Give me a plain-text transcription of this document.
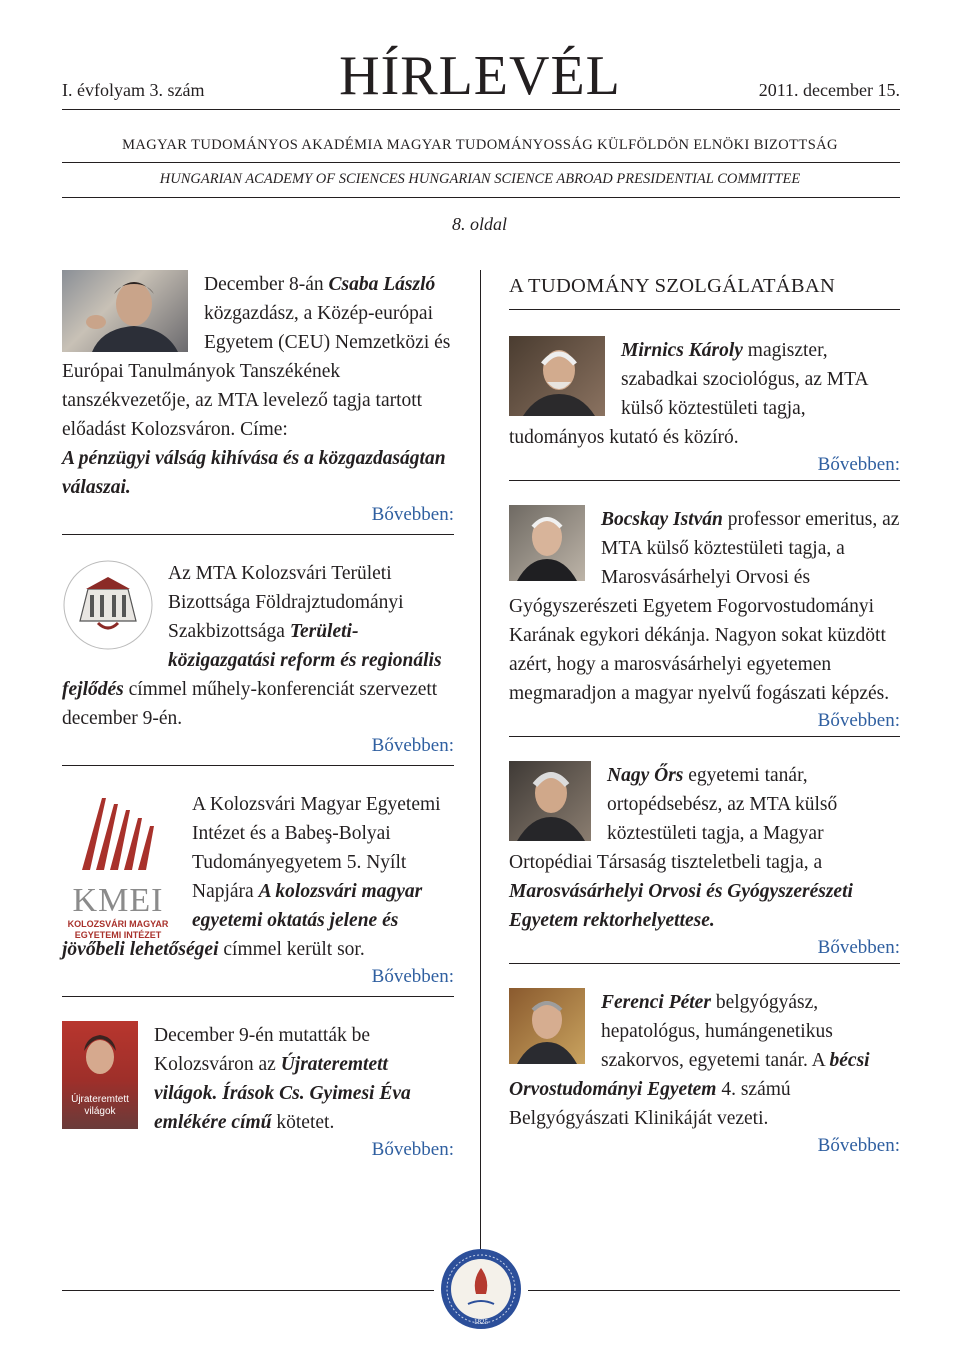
I. évfolyam 3. szám	HÍRLEVÉL	2011. december 15.
MAGYAR TUDOMÁNYOS AKADÉMIA MAGYAR TUDOMÁNYOSSÁG KÜLFÖLDÖN ELNÖKI BIZOTTSÁG
HUNGARIAN ACADEMY OF SCIENCES HUNGARIAN SCIENCE ABROAD PRESIDENTIAL COMMITTEE
8. oldal
December 8-án Csaba László közgazdász, a Közép-európai Egyetem (CEU) Nemzetközi és Európai Tanulmányok Tanszékének tanszékvezetője, az MTA levelező tagja tartott előadást Kolozsváron. Címe:
A pénzügyi válság kihívása és a közgazdaságtan válaszai.
Bővebben:
Az MTA Kolozsvári Területi Bizottsága Földrajztudományi Szakbizottsága Területi-közigazgatási reform és regionális fejlődés címmel műhely-konferenciát szervezett december 9-én.
Bővebben:
KMEI
KOLOZSVÁRI MAGYAR
EGYETEMI INTÉZET
A Kolozsvári Magyar Egyetemi Intézet és a Babeş-Bolyai Tudományegyetem 5. Nyílt Napjára A kolozsvári magyar egyetemi oktatás jelene és jövőbeli lehetőségei címmel került sor.
Bővebben:
Újrateremtett
világok
December 9-én mutatták be Kolozsváron az Újrateremtett világok. Írások Cs. Gyimesi Éva emlékére című kötetet.
Bővebben:
A TUDOMÁNY SZOLGÁLATÁBAN
Mirnics Károly magiszter, szabadkai szociológus, az MTA külső köztestületi tagja, tudományos kutató és közíró.
Bővebben:
Bocskay István professor emeritus, az MTA külső köztestületi tagja, a Marosvásárhelyi Orvosi és Gyógyszerészeti Egyetem Fogorvostudományi Karának egykori dékánja. Nagyon sokat küzdött azért, hogy a marosvásárhelyi egyetemen megmaradjon a magyar nyelvű fogászati képzés.
Bővebben:
Nagy Őrs egyetemi tanár, ortopédsebész, az MTA külső köztestületi tagja, a Magyar Ortopédiai Társaság tiszteletbeli tagja, a Marosvásárhelyi Orvosi és Gyógyszerészeti Egyetem rektorhelyettese.
Bővebben:
Ferenci Péter belgyógyász, hepatológus, humángenetikus szakorvos, egyetemi tanár. A bécsi Orvostudományi Egyetem 4. számú Belgyógyászati Klinikáját vezeti.
Bővebben:
1825
